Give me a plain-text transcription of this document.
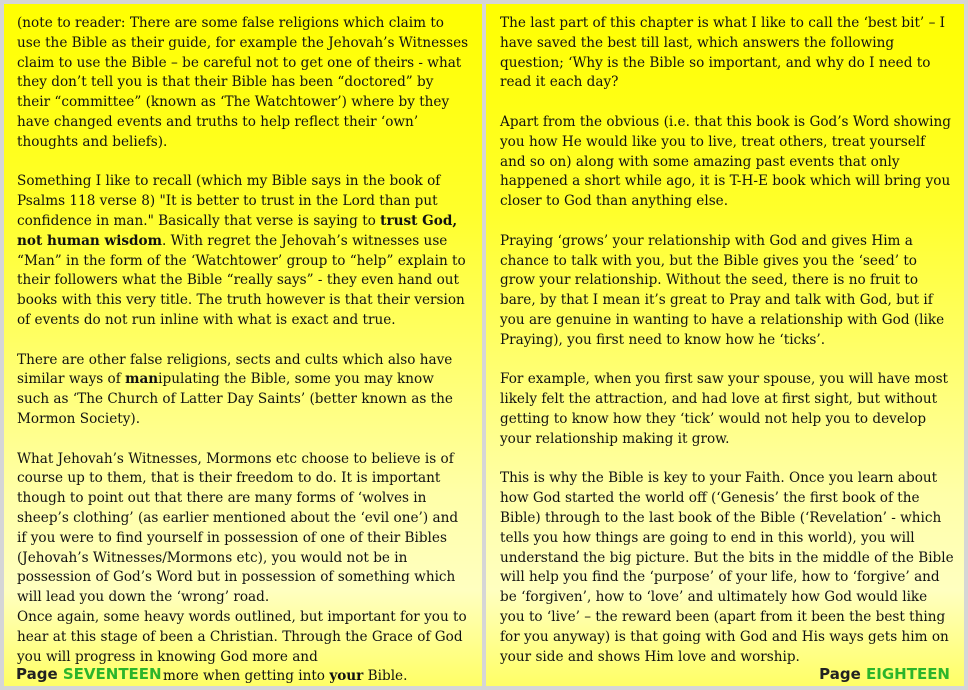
(note to reader: There are some false religions which claim to use the Bible as their guide, for example the Jehovah’s Witnesses claim to use the Bible – be careful not to get one of theirs - what they don’t tell you is that their Bible has been “doctored” by their “committee” (known as ‘The Watchtower’) where by they have changed events and truths to help reflect their ‘own’ thoughts and beliefs).

Something I like to recall (which my Bible says in the book of Psalms 118 verse 8) "It is better to trust in the Lord than put confidence in man." Basically that verse is saying to trust God, not human wisdom. With regret the Jehovah’s witnesses use “Man” in the form of the ‘Watchtower’ group to “help” explain to their followers what the Bible “really says” - they even hand out books with this very title. The truth however is that their version of events do not run inline with what is exact and true.

There are other false religions, sects and cults which also have similar ways of manipulating the Bible, some you may know such as ‘The Church of Latter Day Saints’ (better known as the Mormon Society).

What Jehovah’s Witnesses, Mormons etc choose to believe is of course up to them, that is their freedom to do. It is important though to point out that there are many forms of ‘wolves in sheep’s clothing’ (as earlier mentioned about the ‘evil one’) and if you were to find yourself in possession of one of their Bibles (Jehovah’s Witnesses/Mormons etc), you would not be in possession of God’s Word but in possession of something which will lead you down the ‘wrong’ road.

Once again, some heavy words outlined, but important for you to hear at this stage of been a Christian. Through the Grace of God you will progress in knowing God more and

more when getting into your Bible.
Page SEVENTEEN

The last part of this chapter is what I like to call the ‘best bit’ – I have saved the best till last, which answers the following question; ‘Why is the Bible so important, and why do I need to read it each day?

Apart from the obvious (i.e. that this book is God’s Word showing you how He would like you to live, treat others, treat yourself and so on) along with some amazing past events that only happened a short while ago, it is T-H-E book which will bring you closer to God than anything else.

Praying ‘grows’ your relationship with God and gives Him a chance to talk with you, but the Bible gives you the ‘seed’ to grow your relationship. Without the seed, there is no fruit to bare, by that I mean it’s great to Pray and talk with God, but if you are genuine in wanting to have a relationship with God (like Praying), you first need to know how he ‘ticks’.

For example, when you first saw your spouse, you will have most likely felt the attraction, and had love at first sight, but without getting to know how they ‘tick’ would not help you to develop your relationship making it grow.

This is why the Bible is key to your Faith. Once you learn about how God started the world off (‘Genesis’ the first book of the Bible) through to the last book of the Bible (‘Revelation’ - which tells you how things are going to end in this world), you will understand the big picture. But the bits in the middle of the Bible will help you find the ‘purpose’ of your life, how to ‘forgive’ and be ‘forgiven’, how to ‘love’ and ultimately how God would like you to ‘live’ – the reward been (apart from it been the best thing for you anyway) is that going with God and His ways gets him on your side and shows Him love and worship.

Page EIGHTEEN
